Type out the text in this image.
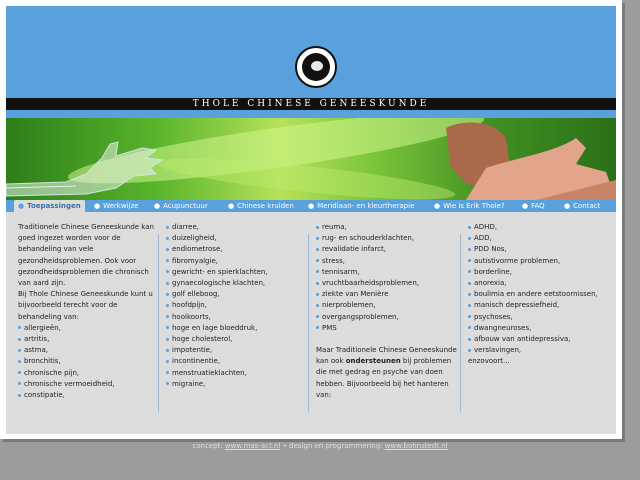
THOLE CHINESE GENEESKUNDE
● Toepassingen	● Werkwijze ● Acupunctuur	● Chinese kruiden ● Meridiaan- en kleurtherapie	● Wie is Erik Thole? ● FAQ	● Contact

Traditionele Chinese Geneeskunde kan goed ingezet worden voor de behandeling van vele gezondheidsproblemen. Ook voor gezondheidsproblemen die chronisch van aard zijn.

Bij Thole Chinese Geneeskunde kunt u bijvoorbeeld terecht voor de behandeling van:

allergieën,
artritis,
astma,
bronchitis,
chronische pijn,
chronische vermoeidheid,
constipatie,
diarree,
duizeligheid,
endiometrose,
fibromyalgie,
gewricht- en spierklachten,
gynaecologische klachten,
golf elleboog,
hoofdpijn,
hooikoorts,
hoge en lage bloeddruk,
hoge cholesterol,
impotentie,
incontinentie,
menstruatieklachten,
migraine,
reuma,
rug- en schouderklachten,
revalidatie infarct,
stress,
tennisarm,
vruchtbaarheidsproblemen,
ziekte van Menière
nierproblemen,
overgangsproblemen,
PMS

Maar Traditionele Chinese Geneeskunde kan ook ondersteunen bij problemen die met gedrag en psyche van doen hebben. Bijvoorbeeld bij het hanteren van:

ADHD,
ADD,
PDD Nos,
autistivorme problemen,
borderline,
anorexia,
boulimia en andere eetstoornissen,
manisch depressiefheid,
psychoses,
dwangneuroses,
afbouw van antidepressiva,
verslavingen,

enzovoort...

concept: www.mas-act.nl • design en programmering: www.bohnstedt.nl
